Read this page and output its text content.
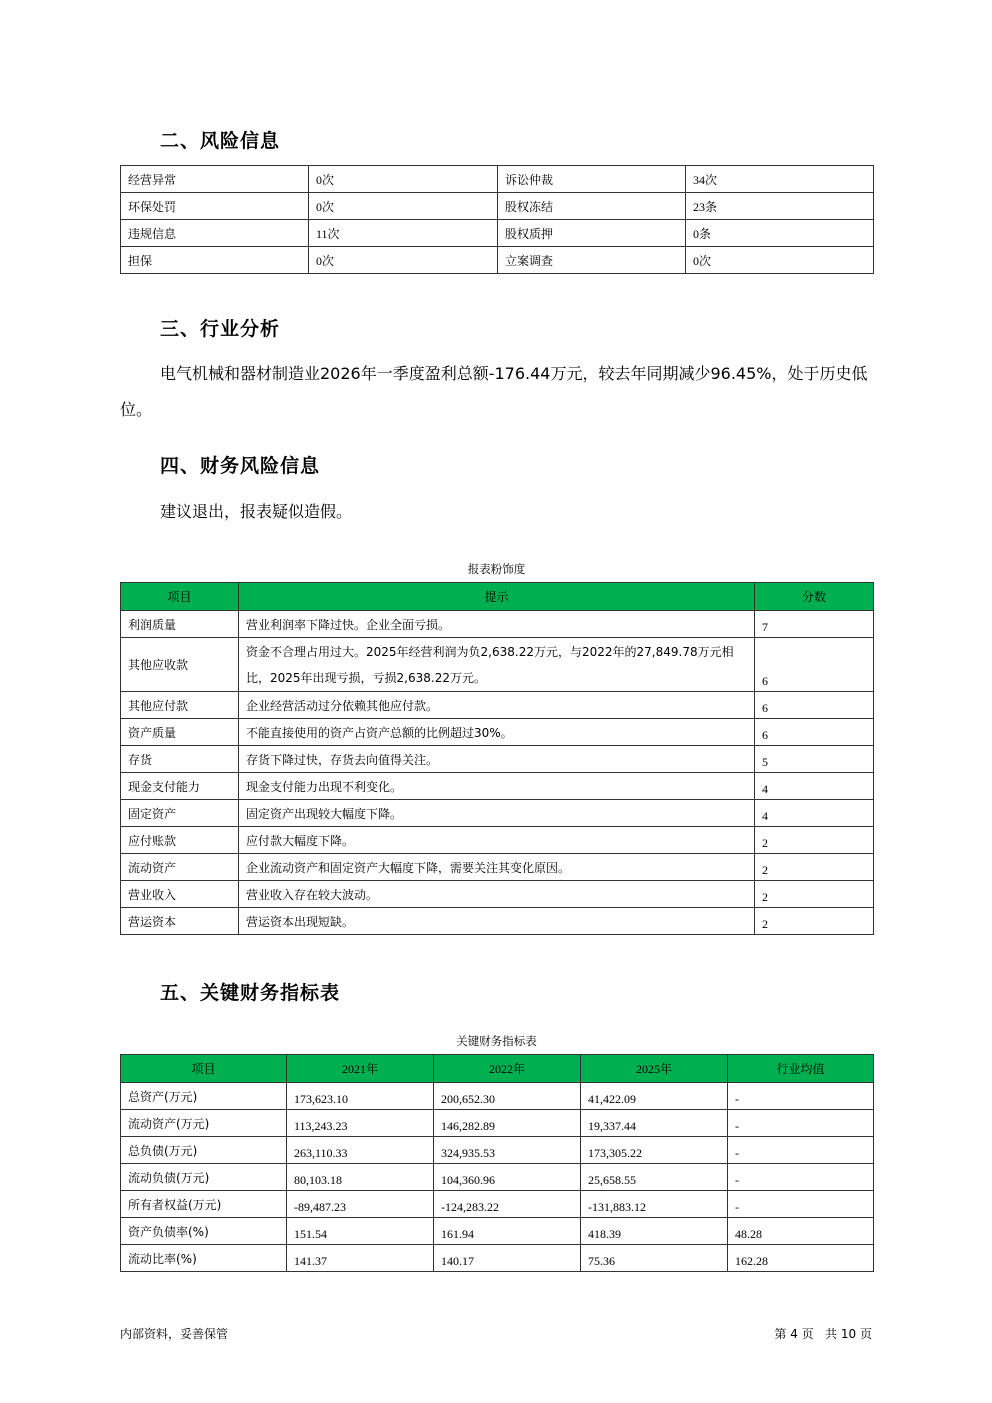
二、风险信息
经营异常	0次	诉讼仲裁	34次
环保处罚	0次	股权冻结	23条
违规信息	11次	股权质押	0条
担保	0次	立案调查	0次
三、行业分析

电气机械和器材制造业2026年一季度盈利总额-176.44万元，较去年同期减少96.45%，处于历史低位。

四、财务风险信息

建议退出，报表疑似造假。

报表粉饰度
项目	提示	分数
利润质量	营业利润率下降过快。企业全面亏损。	7
其他应收款	资金不合理占用过大。2025年经营利润为负2,638.22万元，与2022年的27,849.78万元相比，2025年出现亏损，亏损2,638.22万元。	6
其他应付款	企业经营活动过分依赖其他应付款。	6
资产质量	不能直接使用的资产占资产总额的比例超过30%。	6
存货	存货下降过快，存货去向值得关注。	5
现金支付能力	现金支付能力出现不利变化。	4
固定资产	固定资产出现较大幅度下降。	4
应付账款	应付款大幅度下降。	2
流动资产	企业流动资产和固定资产大幅度下降，需要关注其变化原因。	2
营业收入	营业收入存在较大波动。	2
营运资本	营运资本出现短缺。	2
五、关键财务指标表
关键财务指标表
项目	2021年	2022年	2025年	行业均值
总资产(万元)	173,623.10	200,652.30	41,422.09	-
流动资产(万元)	113,243.23	146,282.89	19,337.44	-
总负债(万元)	263,110.33	324,935.53	173,305.22	-
流动负债(万元)	80,103.18	104,360.96	25,658.55	-
所有者权益(万元)	-89,487.23	-124,283.22	-131,883.12	-
资产负债率(%)	151.54	161.94	418.39	48.28
流动比率(%)	141.37	140.17	75.36	162.28
内部资料，妥善保管	第 4 页   共 10 页
